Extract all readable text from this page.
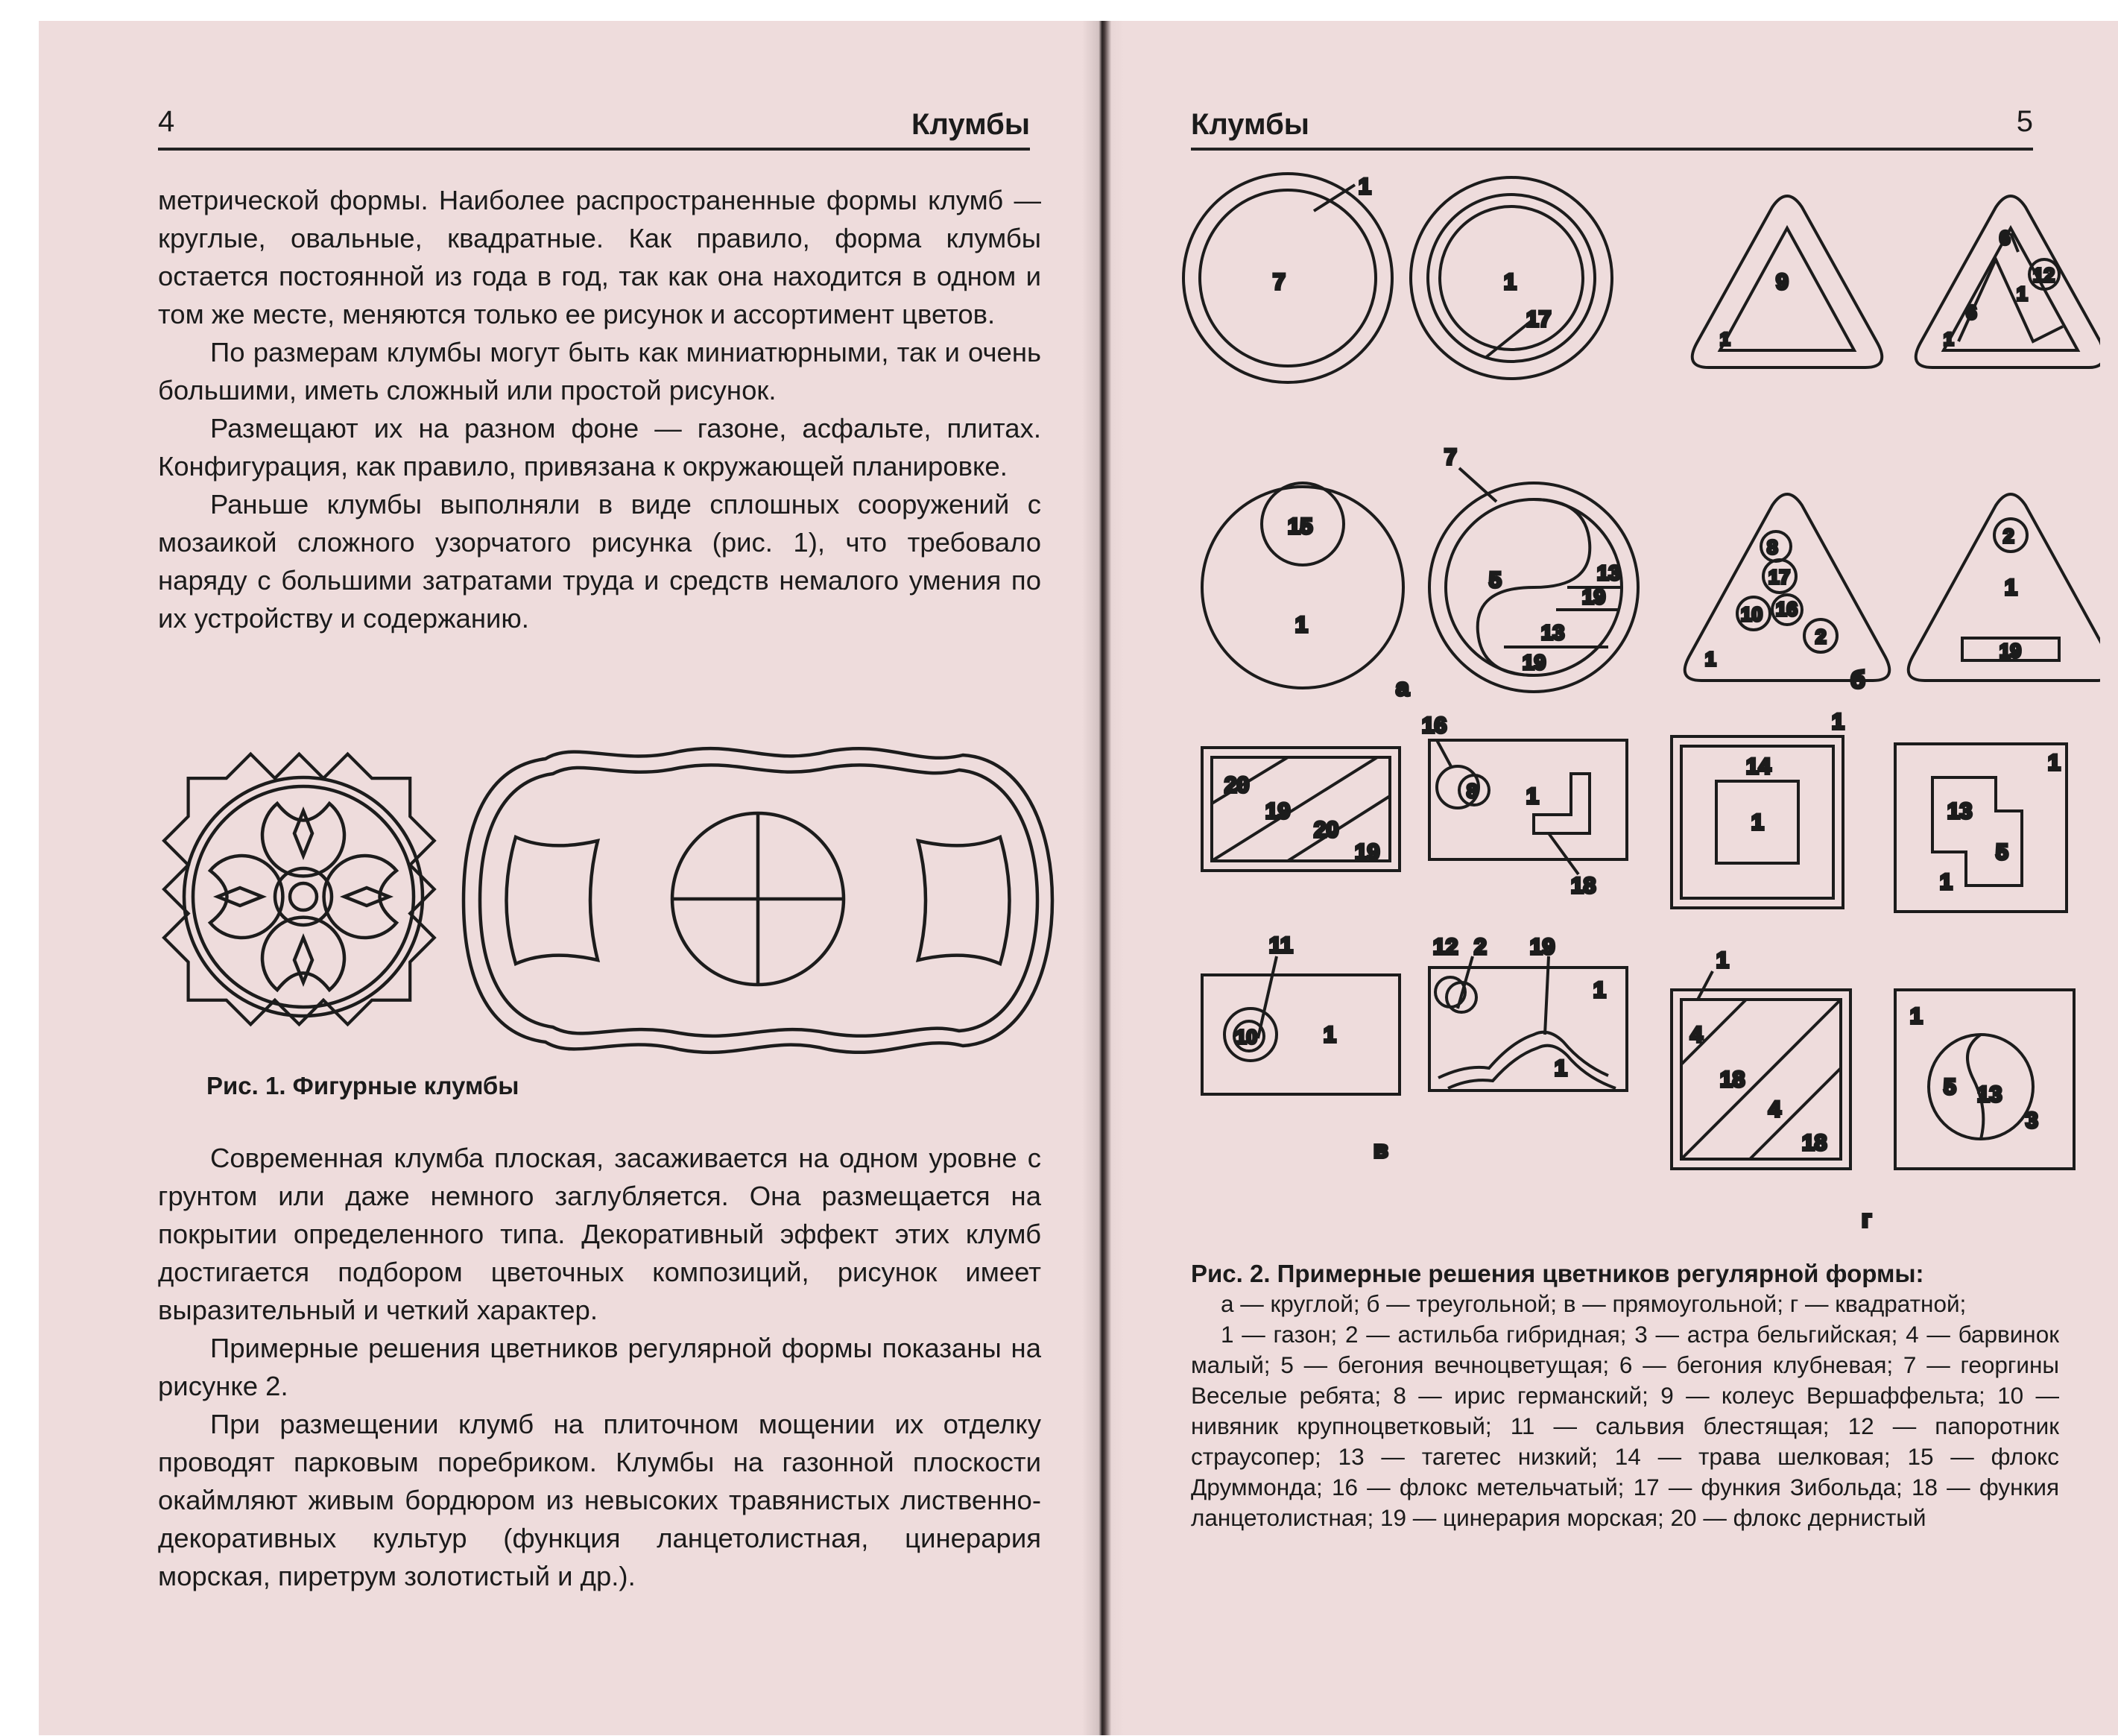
4	Клумбы

метрической формы. Наиболее распространенные формы клумб — круглые, овальные, квадратные. Как правило, форма клумбы остается постоянной из года в год, так как она находится в одном и том же месте, меняются только ее рисунок и ассортимент цветов.

По размерам клумбы могут быть как миниатюрными, так и очень большими, иметь сложный или простой рисунок.

Размещают их на разном фоне — газоне, асфальте, плитах. Конфигурация, как правило, привязана к окружающей планировке.

Раньше клумбы выполняли в виде сплошных сооружений с мозаикой сложного узорчатого рисунка (рис. 1), что требовало наряду с большими затратами труда и средств немалого умения по их устройству и содержанию.

Рис. 1. Фигурные клумбы

Современная клумба плоская, засаживается на одном уровне с грунтом или даже немного заглубляется. Она размещается на покрытии определенного типа. Декоративный эффект этих клумб достигается подбором цветочных композиций, рисунок имеет выразительный и четкий характер.

Примерные решения цветников регулярной формы показаны на рисунке 2.

При размещении клумб на плиточном мощении их отделку проводят парковым поребриком. Клумбы на газонной плоскости окаймляют живым бордюром из невысоких травянистых лиственно-декоративных культур (функция ланцетолистная, цинерария морская, пиретрум золотистый и др.).

Клумбы	5
1
7	1
17
9
1
6
12
1
6
1
15
1
7
5	13
19
13
19
8
17
10 16
2
1
2
1
19
а	б
20
19
20
19
16
8 1
18
1
14
1
1
13
5
1
11
10	1
12 2 19
1
1
1
4
18
4
18
1
5 13
3
в
г
Рис. 2. Примерные решения цветников регулярной формы:

а — круглой; б — треугольной; в — прямоугольной; г — квадратной;

1 — газон; 2 — астильба гибридная; 3 — астра бельгийская; 4 — барвинок малый; 5 — бегония вечноцветущая; 6 — бегония клубневая; 7 — георгины Веселые ребята; 8 — ирис германский; 9 — колеус Вершаффельта; 10 — нивяник крупноцветковый; 11 — сальвия блестящая; 12 — папоротник страусопер; 13 — тагетес низкий; 14 — трава шелковая; 15 — флокс Друммонда; 16 — флокс метельчатый; 17 — функия Зибольда; 18 — функия ланцетолистная; 19 — цинерария морская; 20 — флокс дернистый
